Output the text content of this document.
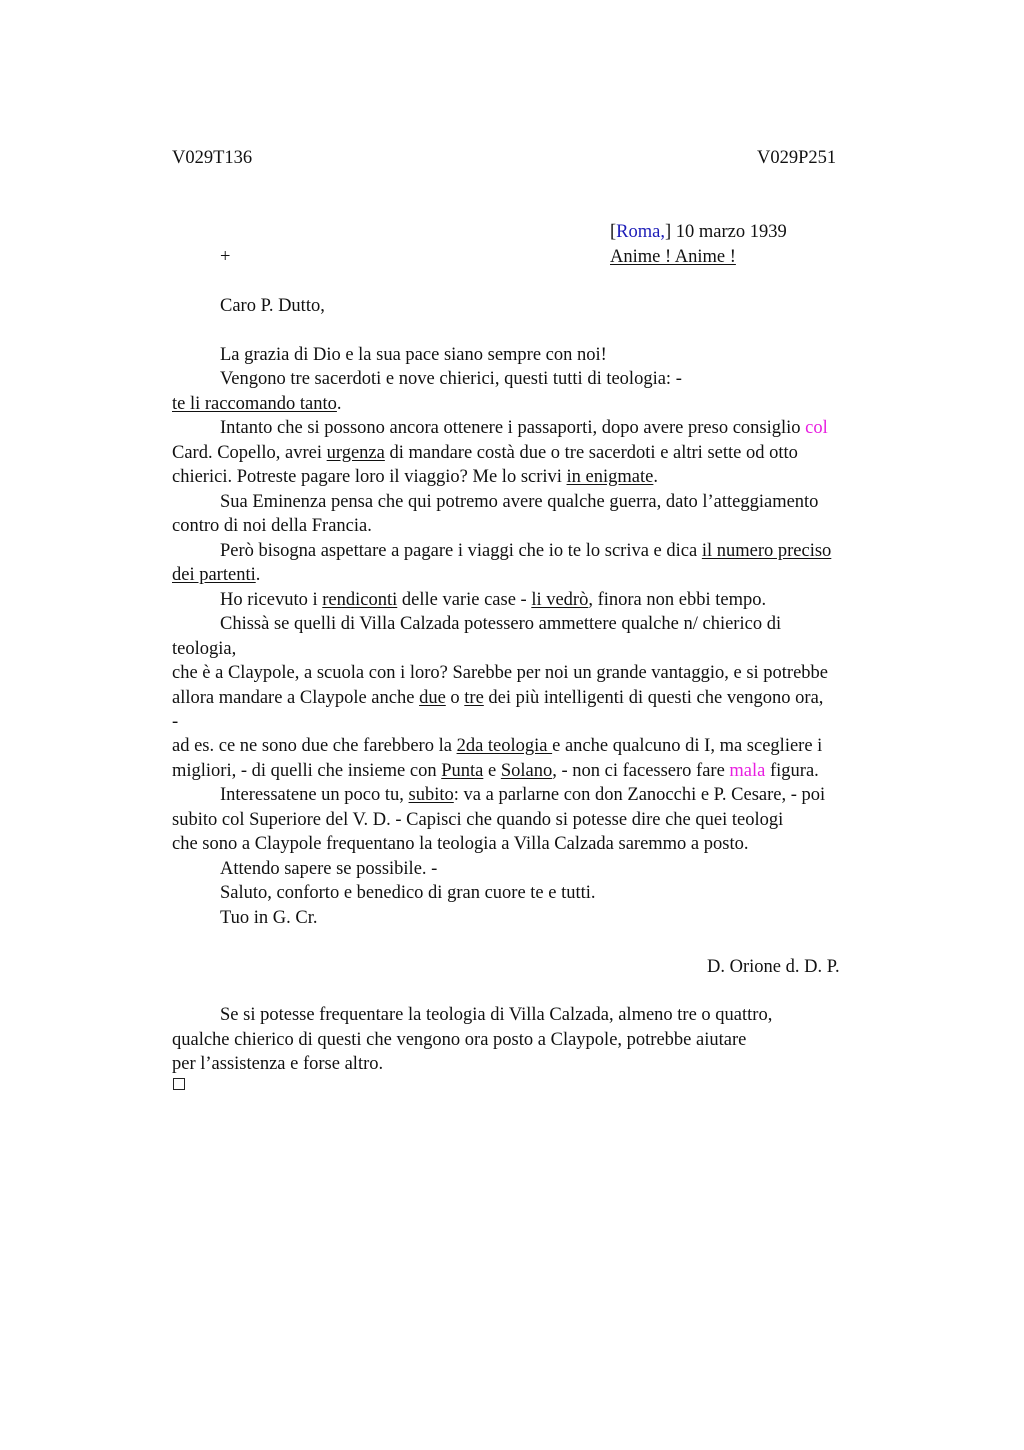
V029T136	V029P251
[Roma,] 10 marzo 1939
+	Anime ! Anime !
Caro P. Dutto,
La grazia di Dio e la sua pace siano sempre con noi!
Vengono tre sacerdoti e nove chierici, questi tutti di teologia: -
te li raccomando tanto.
Intanto che si possono ancora ottenere i passaporti, dopo avere preso consiglio col
Card. Copello, avrei urgenza di mandare costà due o tre sacerdoti e altri sette od otto
chierici. Potreste pagare loro il viaggio? Me lo scrivi in enigmate.
Sua Eminenza pensa che qui potremo avere qualche guerra, dato l’atteggiamento
contro di noi della Francia.
Però bisogna aspettare a pagare i viaggi che io te lo scriva e dica il numero preciso
dei partenti.
Ho ricevuto i rendiconti delle varie case - li vedrò, finora non ebbi tempo.
Chissà se quelli di Villa Calzada potessero ammettere qualche n/ chierico di
teologia,
che è a Claypole, a scuola con i loro? Sarebbe per noi un grande vantaggio, e si potrebbe
allora mandare a Claypole anche due o tre dei più intelligenti di questi che vengono ora,
-
ad es. ce ne sono due che farebbero la 2da teologia e anche qualcuno di I, ma scegliere i
migliori, - di quelli che insieme con Punta e Solano, - non ci facessero fare mala figura.
Interessatene un poco tu, subito: va a parlarne con don Zanocchi e P. Cesare, - poi
subito col Superiore del V. D. - Capisci che quando si potesse dire che quei teologi
che sono a Claypole frequentano la teologia a Villa Calzada saremmo a posto.
Attendo sapere se possibile. -
Saluto, conforto e benedico di gran cuore te e tutti.
Tuo in G. Cr.
D. Orione d. D. P.
Se si potesse frequentare la teologia di Villa Calzada, almeno tre o quattro,
qualche chierico di questi che vengono ora posto a Claypole, potrebbe aiutare
per l’assistenza e forse altro.
